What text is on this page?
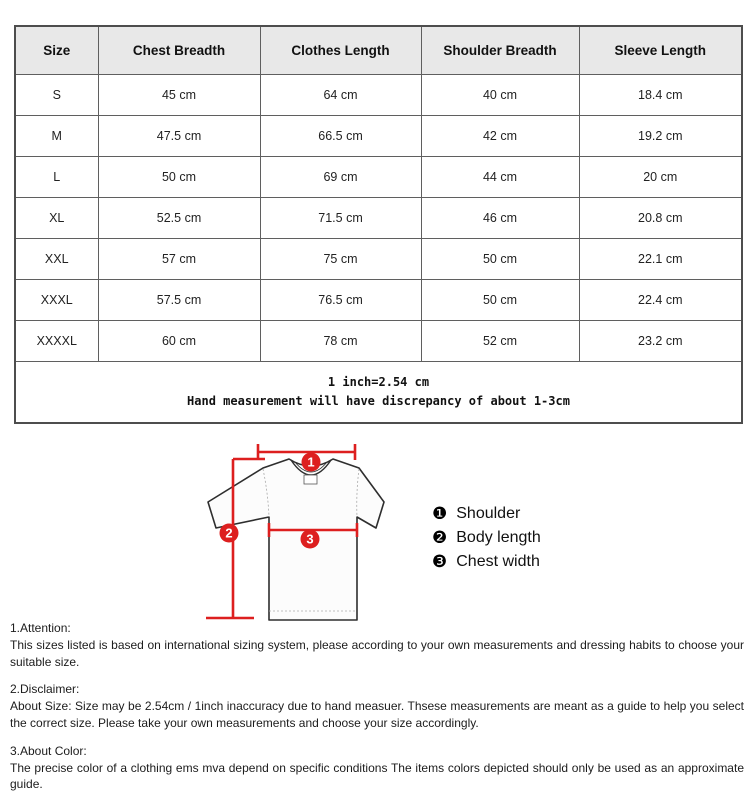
Size	Chest Breadth	Clothes Length	Shoulder Breadth	Sleeve Length
S	45 cm	64 cm	40 cm	18.4 cm
M	47.5 cm	66.5 cm	42 cm	19.2 cm
L	50 cm	69 cm	44 cm	20 cm
XL	52.5 cm	71.5 cm	46 cm	20.8 cm
XXL	57 cm	75 cm	50 cm	22.1 cm
XXXL	57.5 cm	76.5 cm	50 cm	22.4 cm
XXXXL	60 cm	78 cm	52 cm	23.2 cm

1 inch=2.54 cm
Hand measurement will have discrepancy of about 1-3cm				
1
2	3
❶ Shoulder
❷ Body length
❸ Chest width

1.Attention:

This sizes listed is based on international sizing system, please according to your own measurements and dressing habits to choose your suitable size.

2.Disclaimer:

About Size: Size may be 2.54cm / 1inch inaccuracy due to hand measuer. Thsese measurements are meant as a guide to help you select the correct size. Please take your own measurements and choose your size accordingly.

3.About Color:

The precise color of a clothing ems mva depend on specific conditions The items colors depicted should only be used as an approximate guide.
